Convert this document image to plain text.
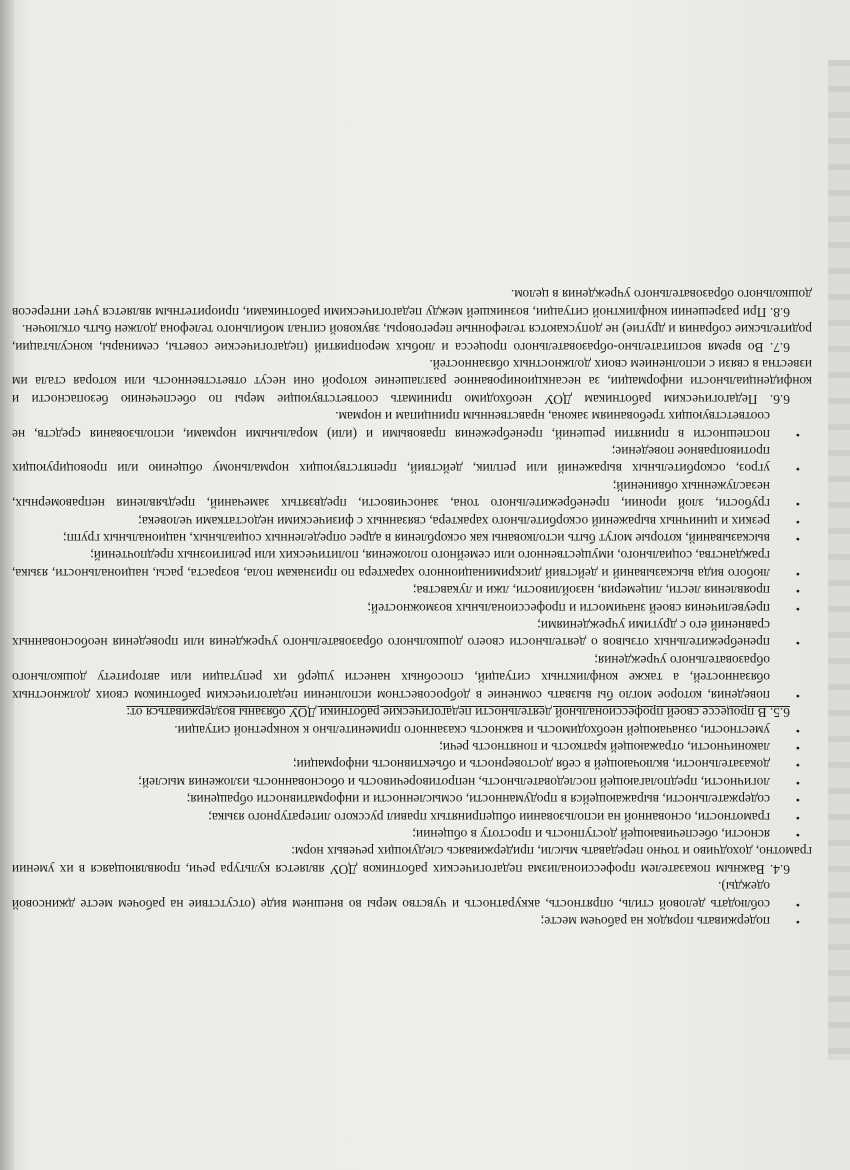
•
подерживать порядок на рабочем месте;
•
соблюдать деловой стиль, опрятность, аккуратность и чувство меры во внешнем виде (отсутствие на рабочем месте джинсовой одежды).

6.4. Важным показателем профессионализма педагогических работников ДОУ является культура речи, проявляющаяся в их умении грамотно, доходчиво и точно передавать мысли, придерживаясь следующих речевых норм:

•
ясности, обеспечивающей доступность и простоту в общении;
•
грамотности, основанной на использовании общепринятых правил русского литературного языка;
•
содержательности, выражающейся в продуманности, осмысленности и информативности обращения;
•
логичности, предполагающей последовательность, непротиворечивость и обоснованность изложения мыслей;
•
доказательности, включающей в себя достоверность и объективность информации;
•
лаконичности, отражающей краткость и понятность речи;
•
уместности, означающей необходимость и важность сказанного применительно к конкретной ситуации.

6.5. В процессе своей профессиональной деятельности педагогические работники ДОУ обязаны воздерживаться от:

•
поведения, которое могло бы вызвать сомнение в добросовестном исполнении педагогическим работником своих должностных обязанностей, а также конфликтных ситуаций, способных нанести ущерб их репутации или авторитету дошкольного образовательного учреждения;
•
пренебрежительных отзывов о деятельности своего дошкольного образовательного учреждения или проведения необоснованных сравнений его с другими учреждениями;
•
преувеличения своей значимости и профессиональных возможностей;
•
проявления лести, лицемерия, назойливости, лжи и лукавства;
•
любого вида высказываний и действий дискриминационного характера по признакам пола, возраста, расы, национальности, языка, гражданства, социального, имущественного или семейного положения, политических или религиозных предпочтений;
•
высказываний, которые могут быть истолкованы как оскорбления в адрес определенных социальных, национальных групп;
•
резких и циничных выражений оскорбительного характера, связанных с физическими недостатками человека;
•
грубости, злой иронии, пренебрежительного тона, заносчивости, предвзятых замечаний, предъявления неправомерных, незаслуженных обвинений;
•
угроз, оскорбительных выражений или реплик, действий, препятствующих нормальному общению или провоцирующих противоправное поведение;
•
поспешности в принятии решений, пренебрежения правовыми и (или) моральными нормами, использования средств, не соответствующих требованиям закона, нравственным принципам и нормам.

6.6. Педагогическим работникам ДОУ необходимо принимать соответствующие меры по обеспечению безопасности и конфиденциальности информации, за несанкционированное разглашение которой они несут ответственность или которая стала им известна в связи с исполнением своих должностных обязанностей.

6.7. Во время воспитательно-образовательного процесса и любых мероприятий (педагогические советы, семинары, консультации, родительские собрания и другие) не допускаются телефонные переговоры, звуковой сигнал мобильного телефона должен быть отключен.

6.8. При разрешении конфликтной ситуации, возникшей между педагогическими работниками, приоритетным является учет интересов дошкольного образовательного учреждения в целом.
